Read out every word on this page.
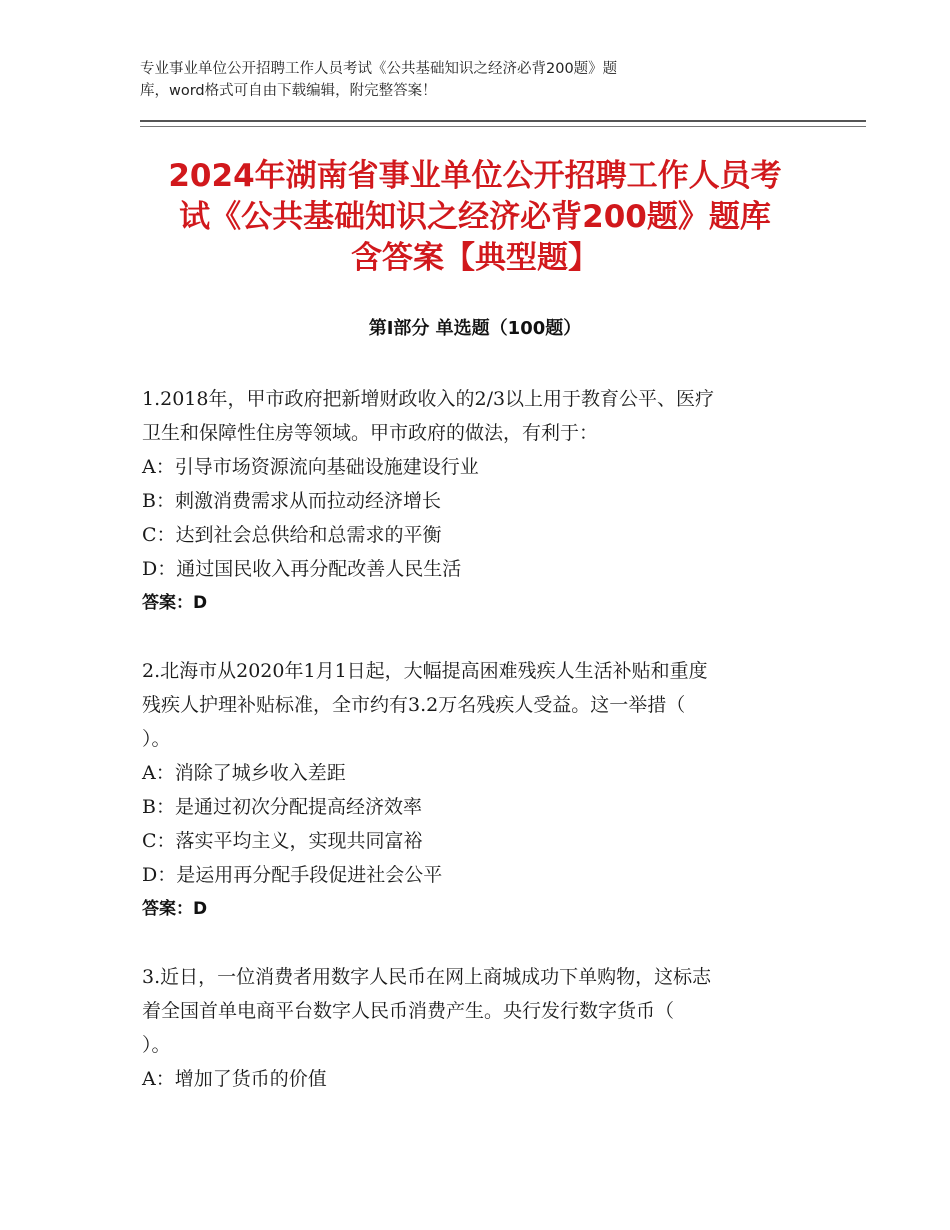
专业事业单位公开招聘工作人员考试《公共基础知识之经济必背200题》题
库，word格式可自由下载编辑，附完整答案！
2024年湖南省事业单位公开招聘工作人员考
试《公共基础知识之经济必背200题》题库
含答案【典型题】
第I部分 单选题（100题）
1.2018年，甲市政府把新增财政收入的2/3以上用于教育公平、医疗
卫生和保障性住房等领域。甲市政府的做法，有利于：
A：引导市场资源流向基础设施建设行业
B：刺激消费需求从而拉动经济增长
C：达到社会总供给和总需求的平衡
D：通过国民收入再分配改善人民生活
答案：D
2.北海市从2020年1月1日起，大幅提高困难残疾人生活补贴和重度
残疾人护理补贴标准，全市约有3.2万名残疾人受益。这一举措（
）。
A：消除了城乡收入差距
B：是通过初次分配提高经济效率
C：落实平均主义，实现共同富裕
D：是运用再分配手段促进社会公平
答案：D
3.近日，一位消费者用数字人民币在网上商城成功下单购物，这标志
着全国首单电商平台数字人民币消费产生。央行发行数字货币（
）。
A：增加了货币的价值
